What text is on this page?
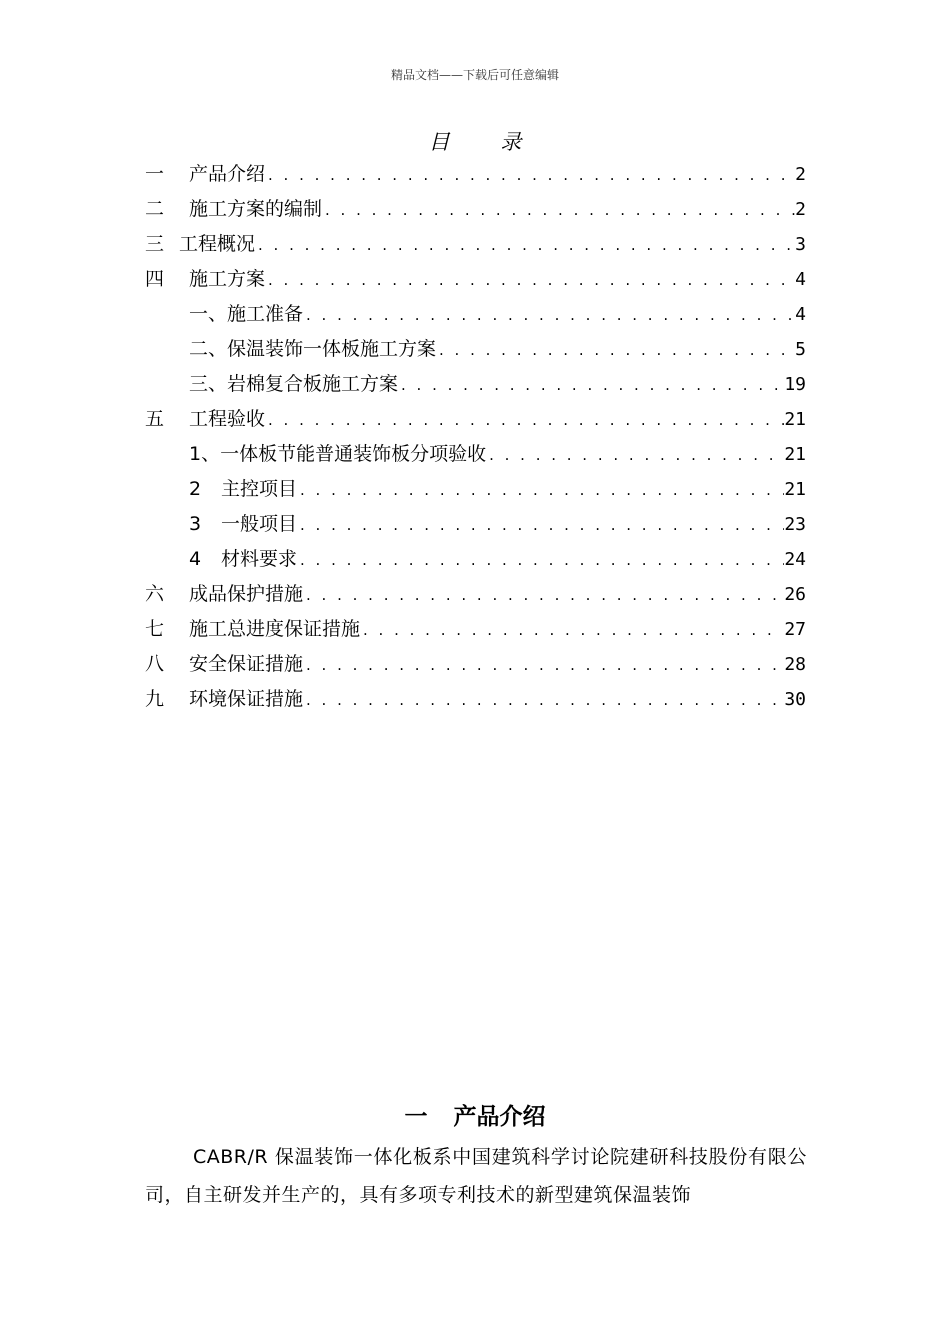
精品文档——下载后可任意编辑
目 录
一	产品介绍 . . .	2
二	施工方案的编制 . . .	2
三 工程概况 . . .	3
四	施工方案 . . .	4
一、施工准备 . . .	4
二、保温装饰一体板施工方案 . . .	5
三、岩棉复合板施工方案 . . .	19
五	工程验收 . . .	21
1、一体板节能普通装饰板分项验收 . . .	21
2	主控项目 . . .	21
3	一般项目 . . .	23
4	材料要求 . . .	24
六	成品保护措施 . . .	26
七	施工总进度保证措施 . . .	27
八	安全保证措施 . . .	28
九	环境保证措施 . . .	30
一 产品介绍
CABR/R 保温装饰一体化板系中国建筑科学讨论院建研科技股份有限公司，自主研发并生产的，具有多项专利技术的新型建筑保温装饰
